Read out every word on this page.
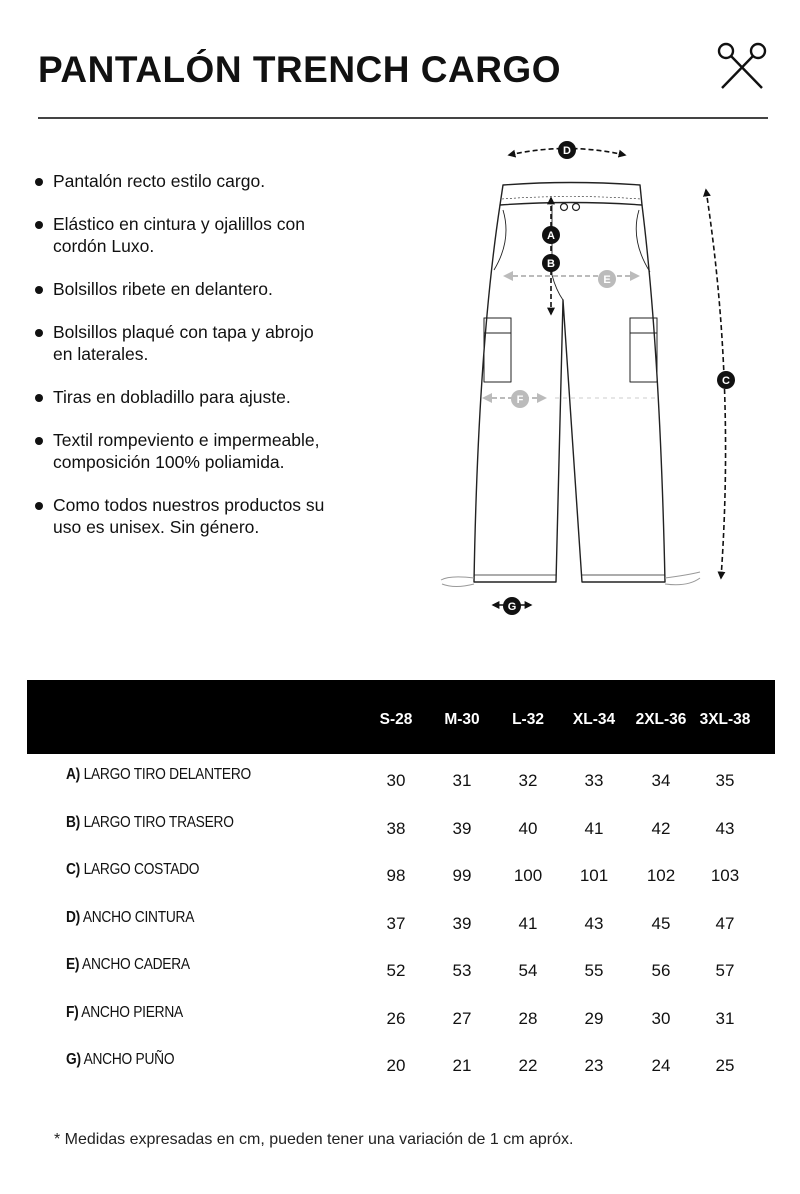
PANTALÓN TRENCH CARGO
Pantalón recto estilo cargo.
Elástico en cintura y ojalillos con cordón Luxo.
Bolsillos ribete en delantero.
Bolsillos plaqué con tapa y abrojo en laterales.
Tiras en dobladillo para ajuste.
Textil rompeviento e impermeable, composición 100% poliamida.
Como todos nuestros productos su uso es unisex. Sin género.
D
A
B
E
C
F
G
S-28	M-30	L-32	XL-34	2XL-36 3XL-38
A) LARGO TIRO DELANTERO	30	31	32	33	34	35
B) LARGO TIRO TRASERO	38	39	40	41	42	43
C) LARGO COSTADO	98	99	100	101	102	103
D) ANCHO CINTURA	37	39	41	43	45	47
E) ANCHO CADERA	52	53	54	55	56	57
F) ANCHO PIERNA	26	27	28	29	30	31
G) ANCHO PUÑO	20	21	22	23	24	25
* Medidas expresadas en cm, pueden tener una variación de 1 cm apróx.
